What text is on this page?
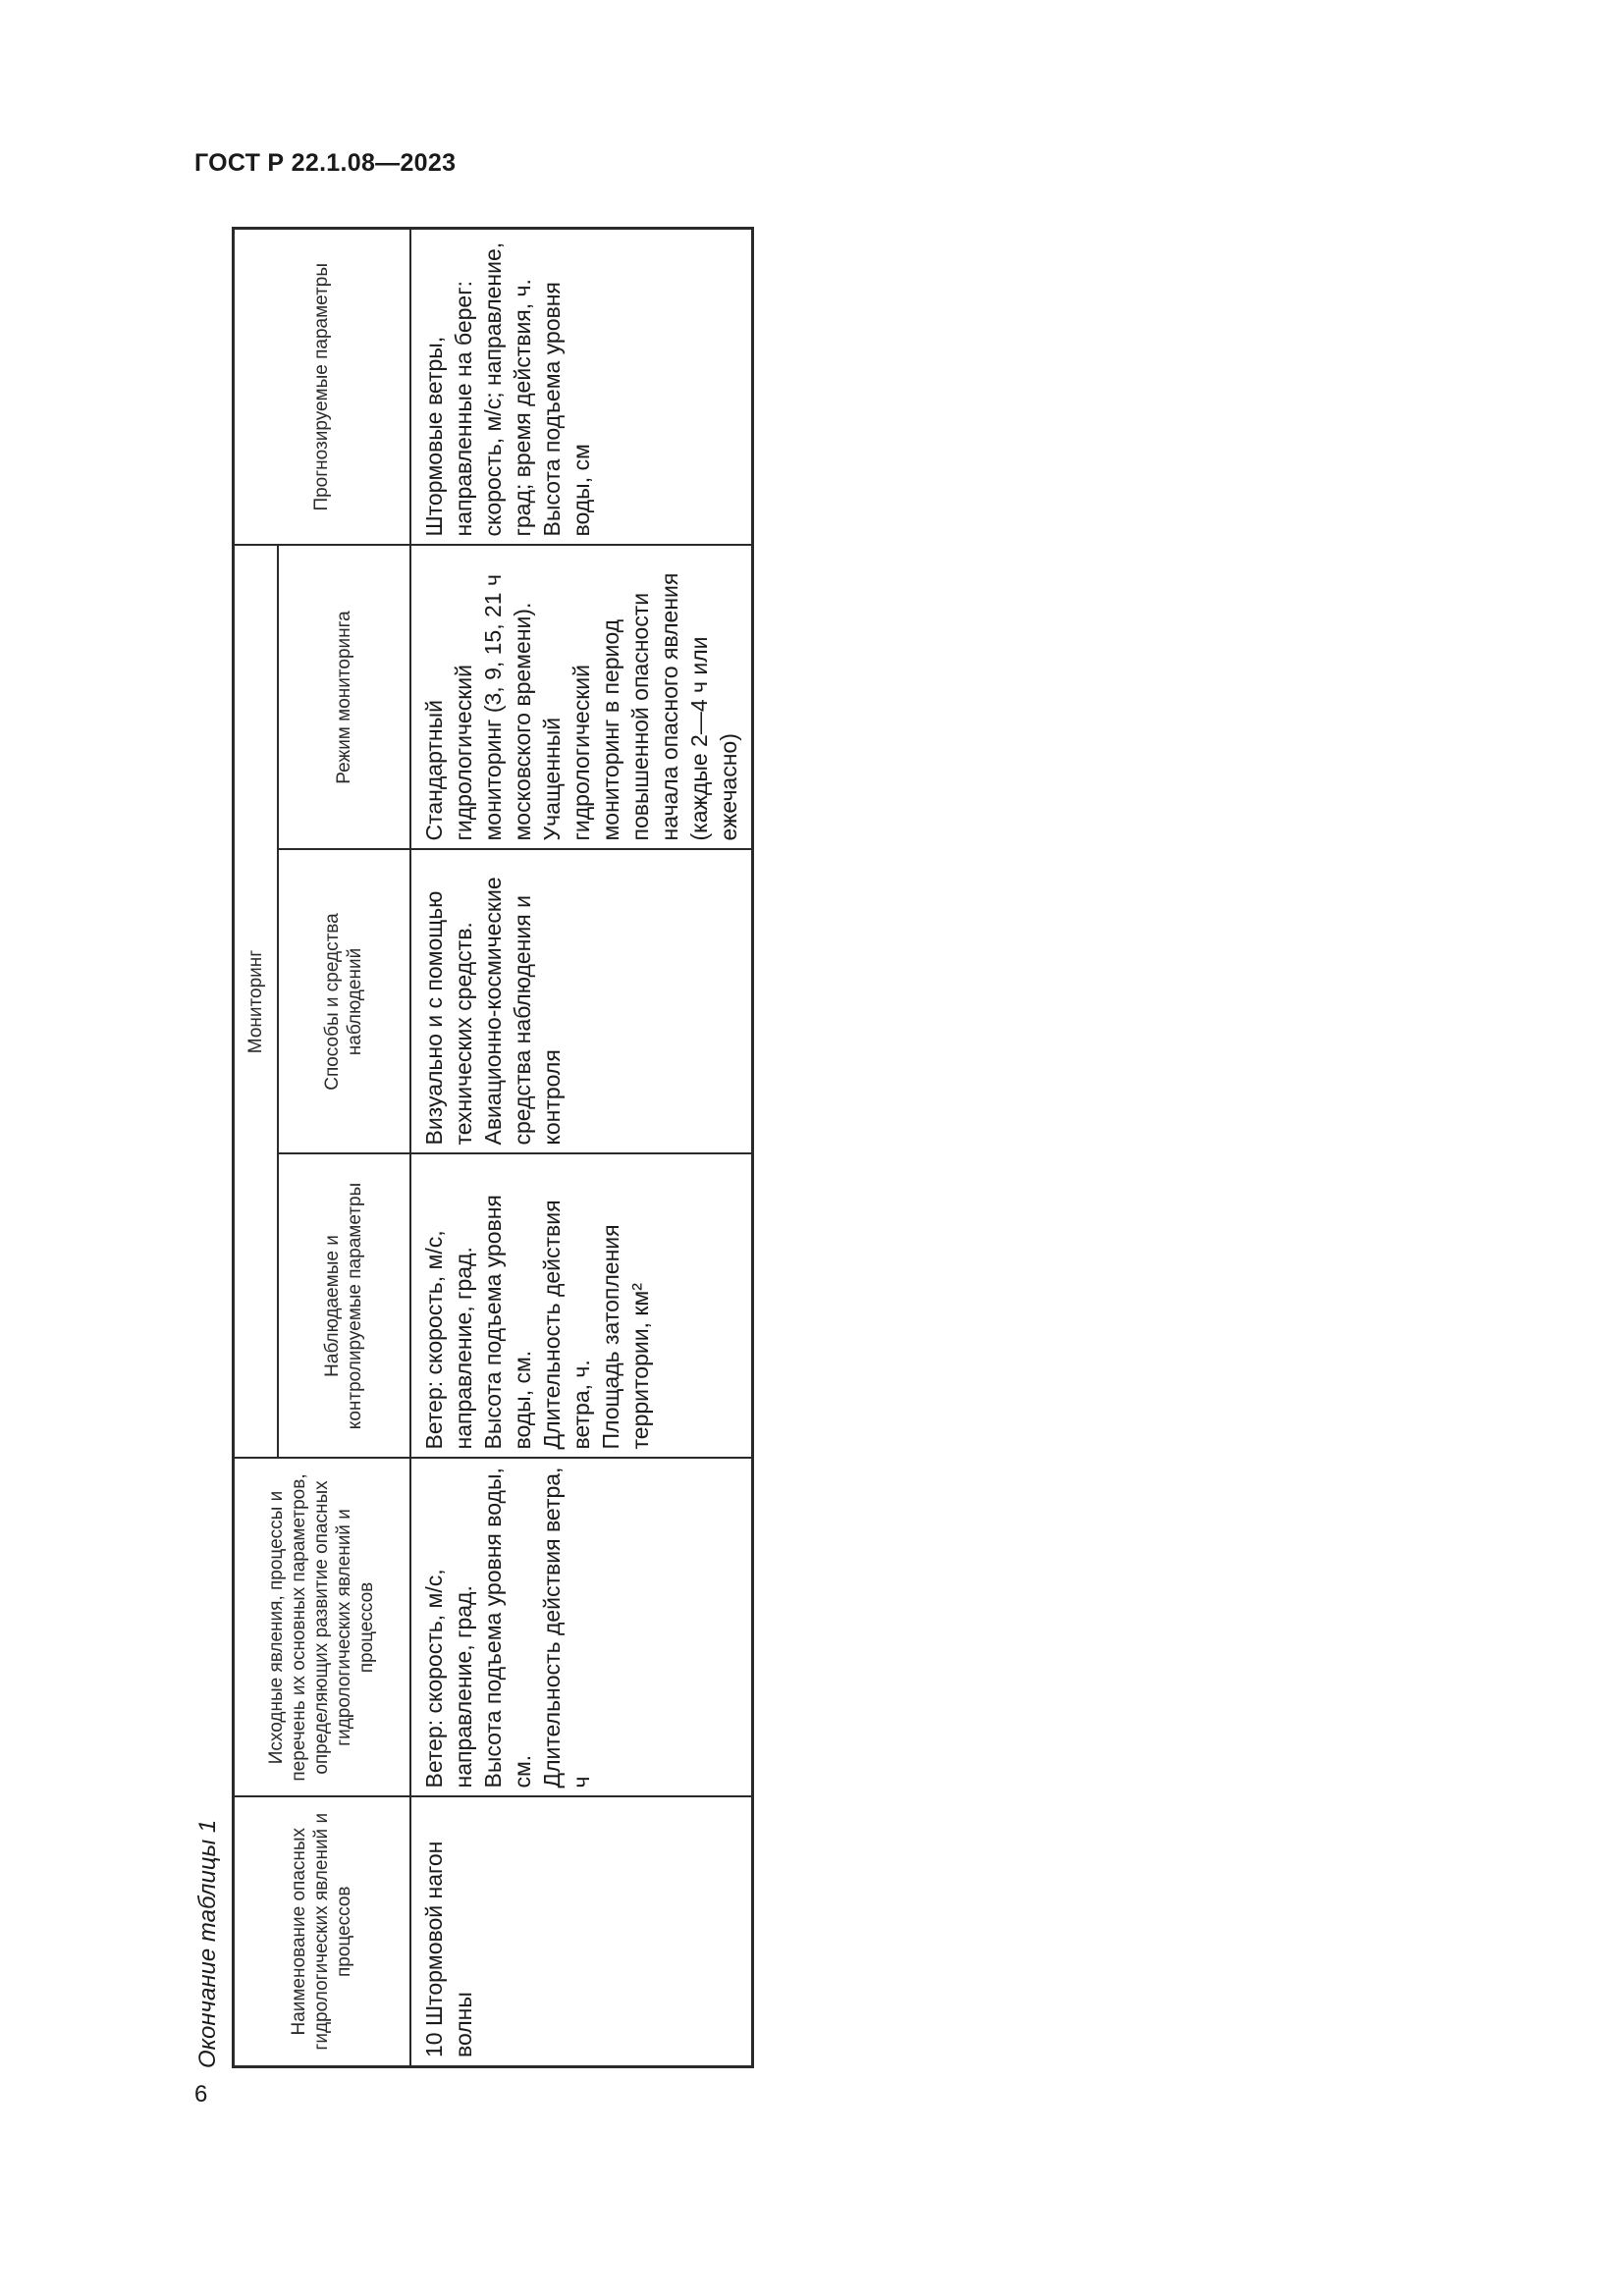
ГОСТ Р 22.1.08—2023
Окончание таблицы 1	Наименование опасных гидрологических явлений и процессов	Исходные явления, процессы и перечень их основных параметров, определяющих развитие опасных гидрологических явлений и процессов	Мониторинг			Прогнозируемые параметры
		Наблюдаемые и контролируемые параметры	Способы и средства наблюдений	Режим мониторинга	
10 Штормовой нагон волны	Ветер: скорость, м/с, направление, град.
Высота подъема уровня воды, см.
Длительность действия ветра, ч	Ветер: скорость, м/с, направление, град.
Высота подъема уровня воды, см.
Длительность действия ветра, ч.
Площадь затопления территории, км²	Визуально и с помощью технических средств. Авиационно-космические средства наблюдения и контроля	Стандартный гидрологический мониторинг (3, 9, 15, 21 ч московского времени).
Учащенный гидрологический мониторинг в период повышенной опасности начала опасного явления (каждые 2—4 ч или ежечасно)	Штормовые ветры, направленные на берег: скорость, м/с; направление, град; время действия, ч.
Высота подъема уровня воды, см
6
